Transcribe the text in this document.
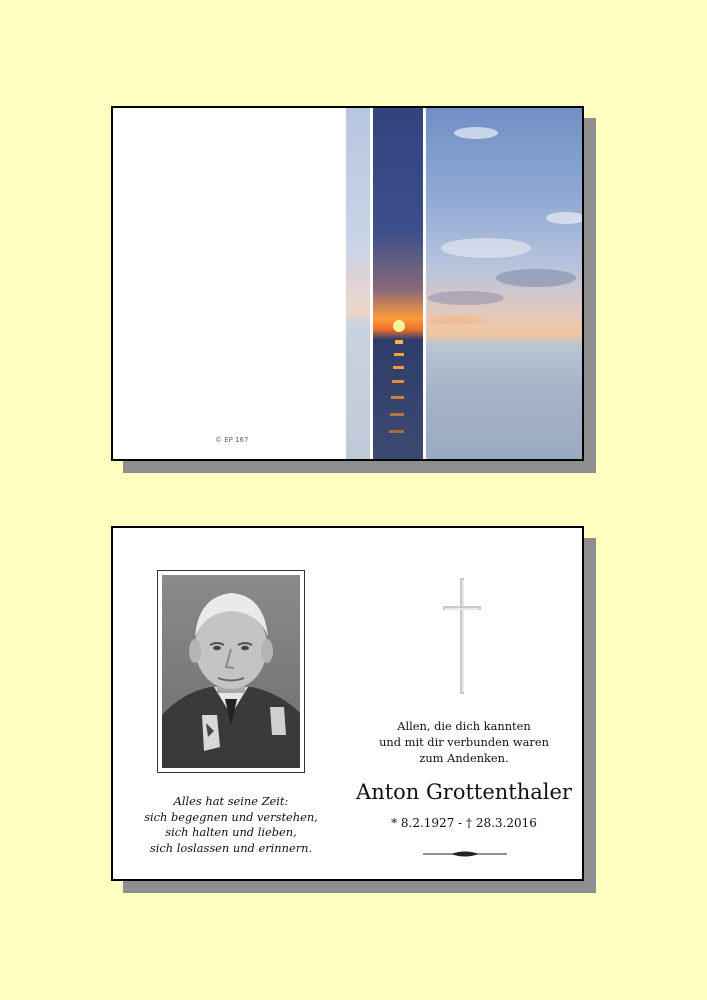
© EP 167
Alles hat seine Zeit:
sich begegnen und verstehen,
sich halten und lieben,
sich loslassen und erinnern.
Allen, die dich kannten
und mit dir verbunden waren
zum Andenken.
Anton Grottenthaler
* 8.2.1927 - † 28.3.2016
